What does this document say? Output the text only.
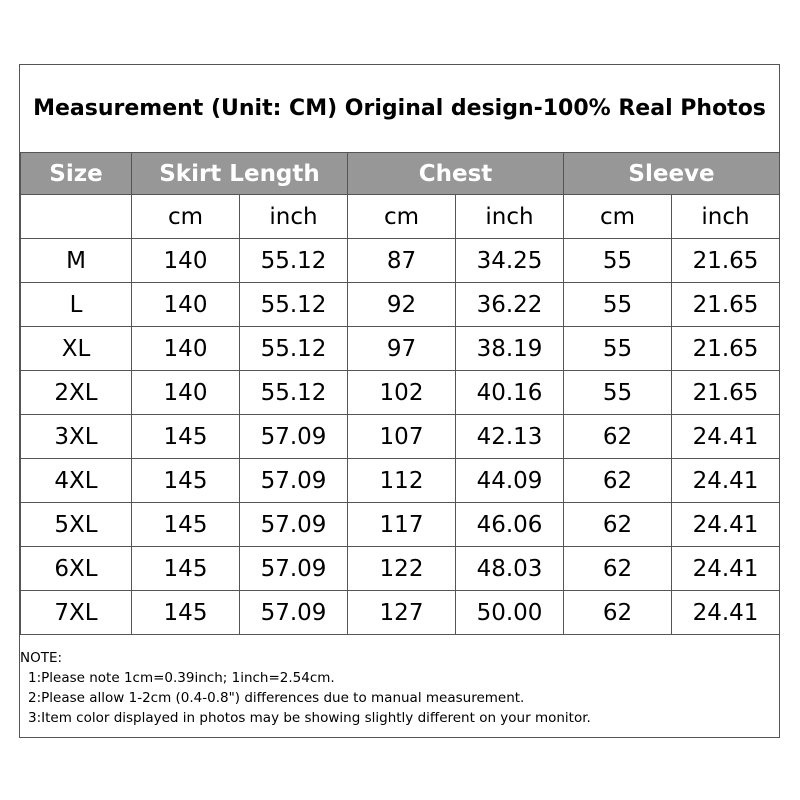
Measurement (Unit: CM) Original design-100% Real Photos
Size	Skirt Length		Chest		Sleeve	
	cm	inch	cm	inch	cm	inch
M	140	55.12	87	34.25	55	21.65
L	140	55.12	92	36.22	55	21.65
XL	140	55.12	97	38.19	55	21.65
2XL	140	55.12	102	40.16	55	21.65
3XL	145	57.09	107	42.13	62	24.41
4XL	145	57.09	112	44.09	62	24.41
5XL	145	57.09	117	46.06	62	24.41
6XL	145	57.09	122	48.03	62	24.41
7XL	145	57.09	127	50.00	62	24.41
NOTE:
1:Please note 1cm=0.39inch; 1inch=2.54cm.
2:Please allow 1-2cm (0.4-0.8") differences due to manual measurement.
3:Item color displayed in photos may be showing slightly different on your monitor.
